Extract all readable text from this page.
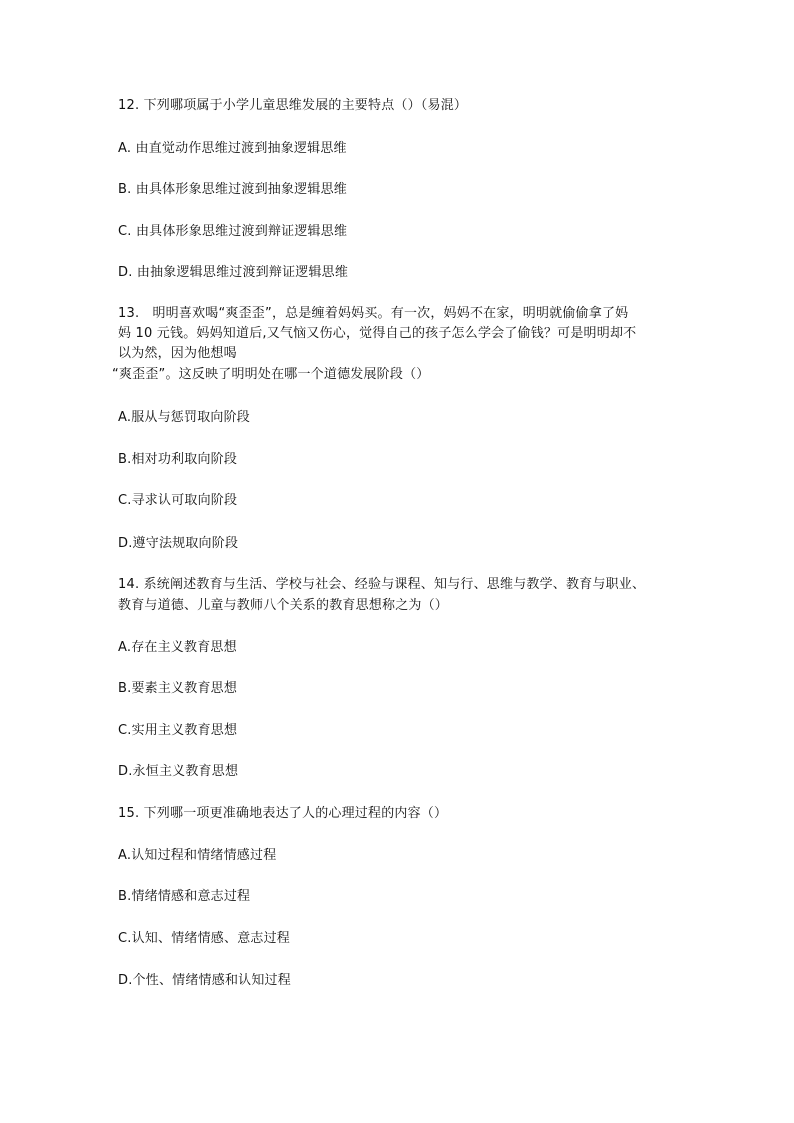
12. 下列哪项属于小学儿童思维发展的主要特点（）（易混）
A. 由直觉动作思维过渡到抽象逻辑思维
B. 由具体形象思维过渡到抽象逻辑思维
C. 由具体形象思维过渡到辩证逻辑思维
D. 由抽象逻辑思维过渡到辩证逻辑思维
13.　明明喜欢喝“爽歪歪”，总是缠着妈妈买。有一次，妈妈不在家，明明就偷偷拿了妈
妈 10 元钱。妈妈知道后,又气恼又伤心，觉得自己的孩子怎么学会了偷钱？可是明明却不
以为然，因为他想喝
“爽歪歪”。这反映了明明处在哪一个道德发展阶段（）
A.服从与惩罚取向阶段
B.相对功利取向阶段
C.寻求认可取向阶段
D.遵守法规取向阶段
14. 系统阐述教育与生活、学校与社会、经验与课程、知与行、思维与教学、教育与职业、
教育与道德、儿童与教师八个关系的教育思想称之为（）
A.存在主义教育思想
B.要素主义教育思想
C.实用主义教育思想
D.永恒主义教育思想
15. 下列哪一项更准确地表达了人的心理过程的内容（）
A.认知过程和情绪情感过程
B.情绪情感和意志过程
C.认知、情绪情感、意志过程
D.个性、情绪情感和认知过程
